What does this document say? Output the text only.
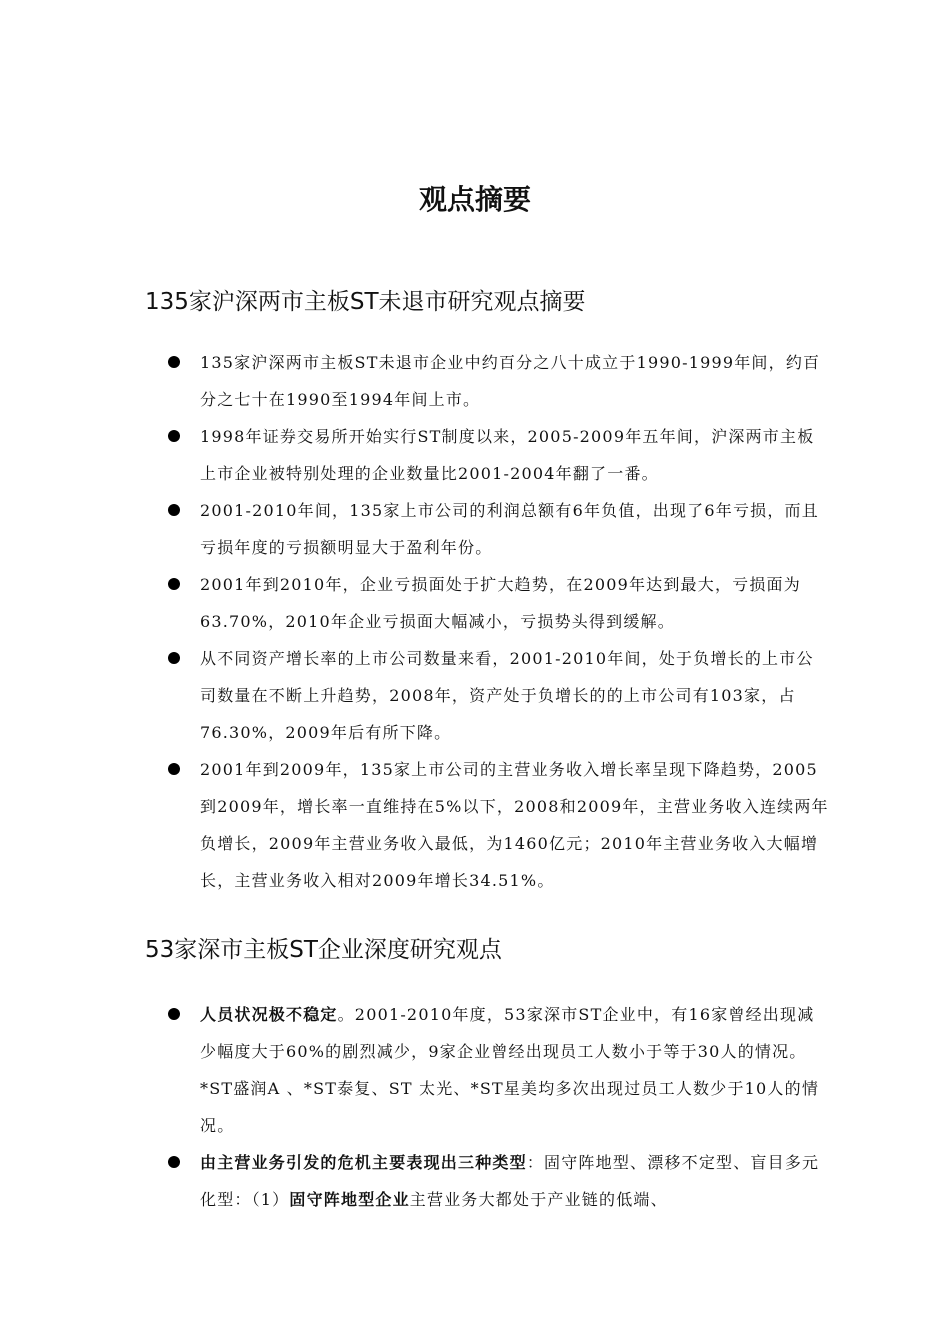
观点摘要
135家沪深两市主板ST未退市研究观点摘要
135家沪深两市主板ST未退市企业中约百分之八十成立于1990-1999年间，约百分之七十在1990至1994年间上市。
1998年证券交易所开始实行ST制度以来，2005-2009年五年间，沪深两市主板上市企业被特别处理的企业数量比2001-2004年翻了一番。
2001-2010年间，135家上市公司的利润总额有6年负值，出现了6年亏损，而且亏损年度的亏损额明显大于盈利年份。
2001年到2010年，企业亏损面处于扩大趋势，在2009年达到最大，亏损面为63.70%，2010年企业亏损面大幅减小，亏损势头得到缓解。
从不同资产增长率的上市公司数量来看，2001-2010年间，处于负增长的上市公司数量在不断上升趋势，2008年，资产处于负增长的的上市公司有103家，占76.30%，2009年后有所下降。
2001年到2009年，135家上市公司的主营业务收入增长率呈现下降趋势，2005到2009年，增长率一直维持在5%以下，2008和2009年，主营业务收入连续两年负增长，2009年主营业务收入最低，为1460亿元；2010年主营业务收入大幅增长，主营业务收入相对2009年增长34.51%。
53家深市主板ST企业深度研究观点
人员状况极不稳定。2001-2010年度，53家深市ST企业中，有16家曾经出现减少幅度大于60%的剧烈减少，9家企业曾经出现员工人数小于等于30人的情况。*ST盛润A 、*ST泰复、ST 太光、*ST星美均多次出现过员工人数少于10人的情况。
由主营业务引发的危机主要表现出三种类型：固守阵地型、漂移不定型、盲目多元化型：（1）固守阵地型企业主营业务大都处于产业链的低端、
